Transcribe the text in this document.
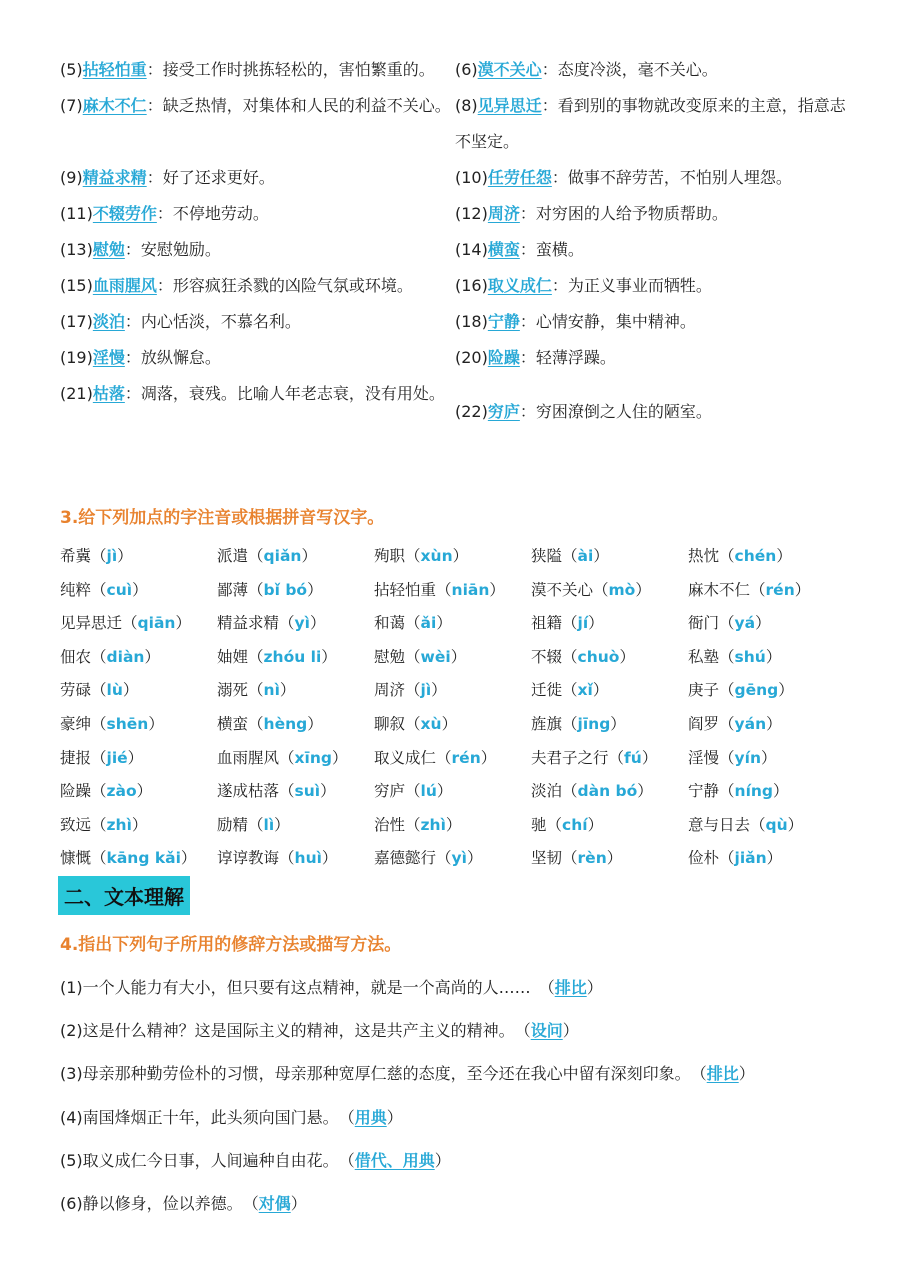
(5)拈轻怕重：接受工作时挑拣轻松的，害怕繁重的。	(6)漠不关心：态度冷淡，毫不关心。
(7)麻木不仁：缺乏热情，对集体和人民的利益不关心。 (8)见异思迁：看到别的事物就改变原来的主意，指意志不坚定。
(9)精益求精：好了还求更好。	(10)任劳任怨：做事不辞劳苦，不怕别人埋怨。
(11)不辍劳作：不停地劳动。	(12)周济：对穷困的人给予物质帮助。
(13)慰勉：安慰勉励。	(14)横蛮：蛮横。
(15)血雨腥风：形容疯狂杀戮的凶险气氛或环境。	(16)取义成仁：为正义事业而牺牲。
(17)淡泊：内心恬淡，不慕名利。	(18)宁静：心情安静，集中精神。
(19)淫慢：放纵懈怠。	(20)险躁：轻薄浮躁。
(21)枯落：凋落，衰残。比喻人年老志衰，没有用处。
(22)穷庐：穷困潦倒之人住的陋室。
3.给下列加点的字注音或根据拼音写汉字。
希冀（jì）	派遣（qiǎn）	殉职（xùn）	狭隘（ài）	热忱（chén）
纯粹（cuì）	鄙薄（bǐ bó）	拈轻怕重（niān）	漠不关心（mò）	麻木不仁（rén）
见异思迁（qiān）	精益求精（yì）	和蔼（ǎi）	祖籍（jí）	衙门（yá）
佃农（diàn）	妯娌（zhóu li）	慰勉（wèi）	不辍（chuò）	私塾（shú）
劳碌（lù）	溺死（nì）	周济（jì）	迁徙（xǐ）	庚子（gēng）
豪绅（shēn）	横蛮（hèng）	聊叙（xù）	旌旗（jīng）	阎罗（yán）
捷报（jié）	血雨腥风（xīng）	取义成仁（rén）	夫君子之行（fú）	淫慢（yín）
险躁（zào）	遂成枯落（suì）	穷庐（lú）	淡泊（dàn bó）	宁静（níng）
致远（zhì）	励精（lì）	治性（zhì）	驰（chí）	意与日去（qù）
慷慨（kāng kǎi）	谆谆教诲（huì）	嘉德懿行（yì）	坚韧（rèn）	俭朴（jiǎn）
二、文本理解
4.指出下列句子所用的修辞方法或描写方法。
(1)一个人能力有大小，但只要有这点精神，就是一个高尚的人…… （排比）
(2)这是什么精神？这是国际主义的精神，这是共产主义的精神。 （设问）
(3)母亲那种勤劳俭朴的习惯，母亲那种宽厚仁慈的态度，至今还在我心中留有深刻印象。 （排比）
(4)南国烽烟正十年，此头须向国门悬。 （用典）
(5)取义成仁今日事，人间遍种自由花。 （借代、用典）
(6)静以修身，俭以养德。 （对偶）
